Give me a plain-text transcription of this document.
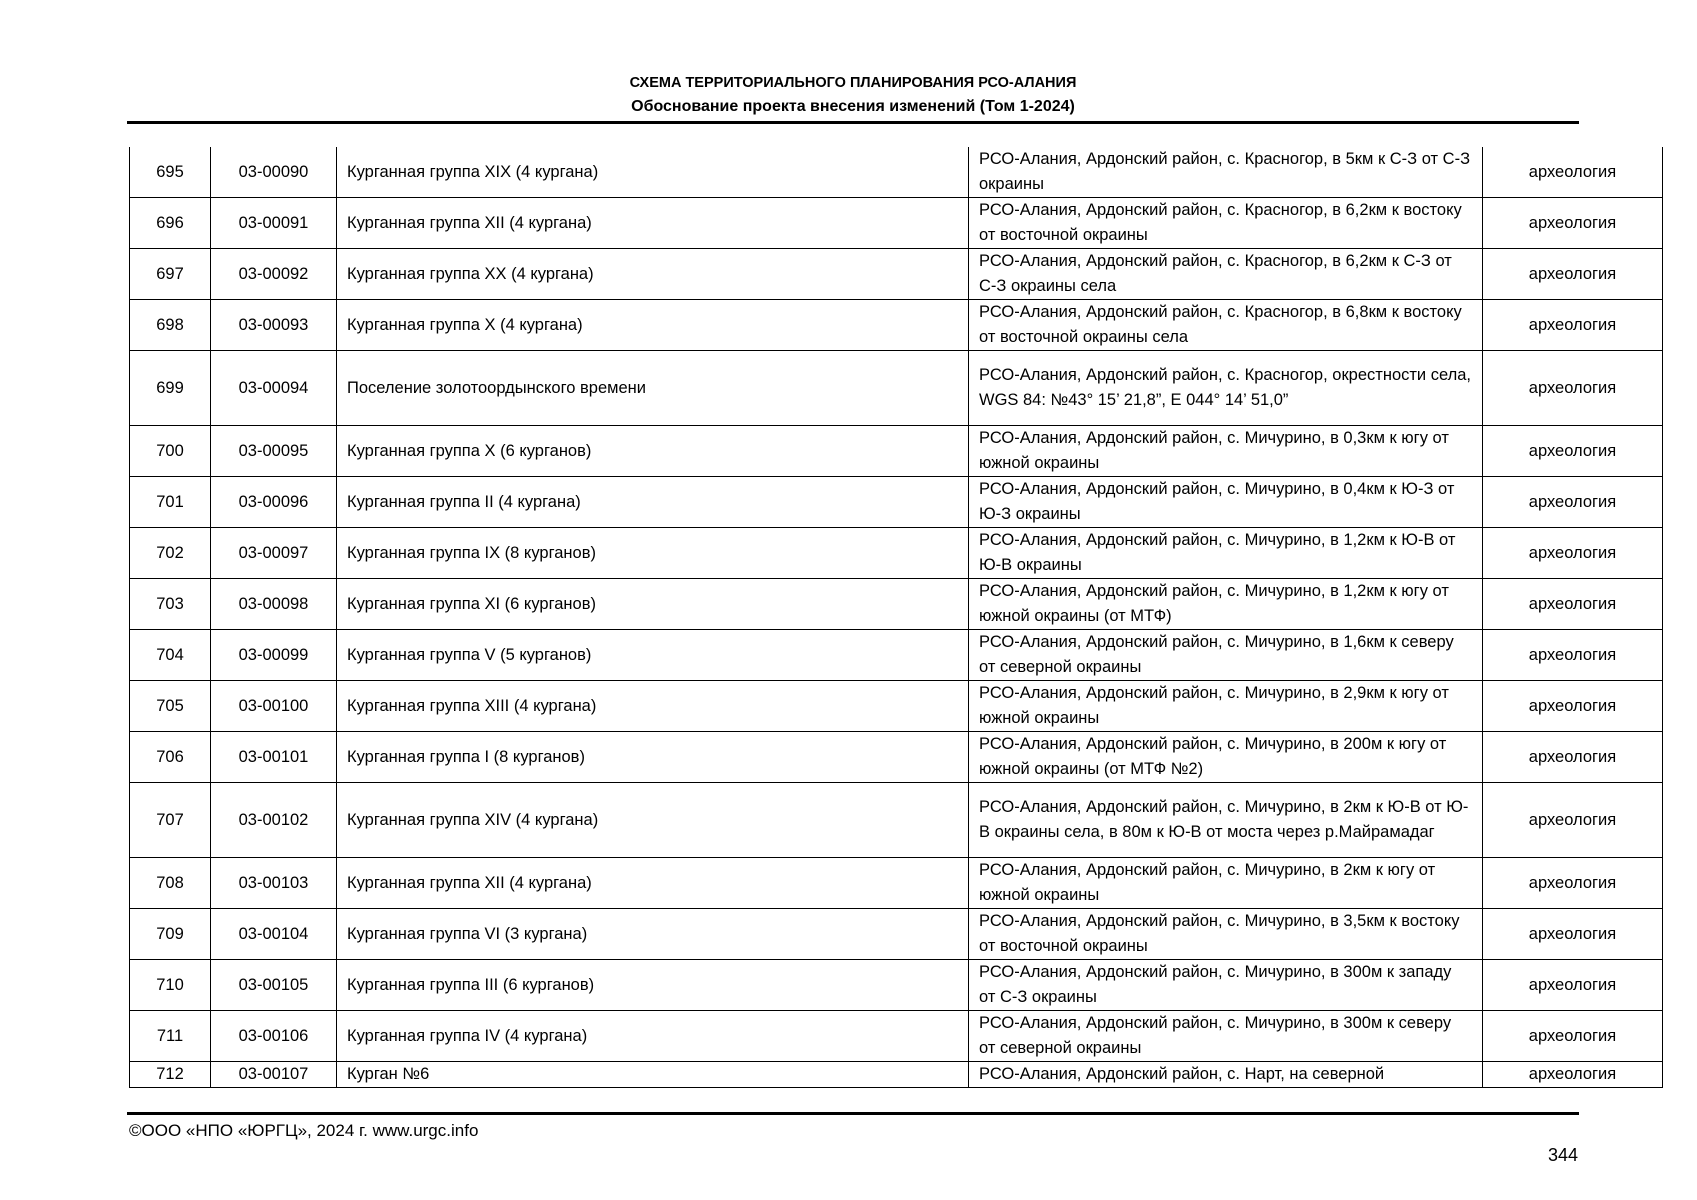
СХЕМА ТЕРРИТОРИАЛЬНОГО ПЛАНИРОВАНИЯ РСО-АЛАНИЯ
Обоснование проекта внесения изменений (Том 1-2024)
695	03-00090	Курганная группа XIX (4 кургана)	РСО-Алания, Ардонский район, с. Красногор, в 5км к С-З от С-З окраины	археология
696	03-00091	Курганная группа XII (4 кургана)	РСО-Алания, Ардонский район, с. Красногор, в 6,2км к востоку от восточной окраины	археология
697	03-00092	Курганная группа XX (4 кургана)	РСО-Алания, Ардонский район, с. Красногор, в 6,2км к С-З от С-З окраины села	археология
698	03-00093	Курганная группа X (4 кургана)	РСО-Алания, Ардонский район, с. Красногор, в 6,8км к востоку от восточной окраины села	археология
699	03-00094	Поселение золотоордынского времени	РСО-Алания, Ардонский район, с. Красногор, окрестности села, WGS 84: №43° 15’ 21,8”, E 044° 14’ 51,0”	археология
700	03-00095	Курганная группа X (6 курганов)	РСО-Алания, Ардонский район, с. Мичурино, в 0,3км к югу от южной окраины	археология
701	03-00096	Курганная группа II (4 кургана)	РСО-Алания, Ардонский район, с. Мичурино, в 0,4км к Ю-З от Ю-З окраины	археология
702	03-00097	Курганная группа IX (8 курганов)	РСО-Алания, Ардонский район, с. Мичурино, в 1,2км к Ю-В от Ю-В окраины	археология
703	03-00098	Курганная группа XI (6 курганов)	РСО-Алания, Ардонский район, с. Мичурино, в 1,2км к югу от южной окраины (от МТФ)	археология
704	03-00099	Курганная группа V (5 курганов)	РСО-Алания, Ардонский район, с. Мичурино, в 1,6км к северу от северной окраины	археология
705	03-00100	Курганная группа XIII (4 кургана)	РСО-Алания, Ардонский район, с. Мичурино, в 2,9км к югу от южной окраины	археология
706	03-00101	Курганная группа I (8 курганов)	РСО-Алания, Ардонский район, с. Мичурино, в 200м к югу от южной окраины (от МТФ №2)	археология
707	03-00102	Курганная группа XIV (4 кургана)	РСО-Алания, Ардонский район, с. Мичурино, в 2км к Ю-В от Ю-В окраины села, в 80м к Ю-В от моста через р.Майрамадаг	археология
708	03-00103	Курганная группа XII (4 кургана)	РСО-Алания, Ардонский район, с. Мичурино, в 2км к югу от южной окраины	археология
709	03-00104	Курганная группа VI (3 кургана)	РСО-Алания, Ардонский район, с. Мичурино, в 3,5км к востоку от восточной окраины	археология
710	03-00105	Курганная группа III (6 курганов)	РСО-Алания, Ардонский район, с. Мичурино, в 300м к западу от С-З окраины	археология
711	03-00106	Курганная группа IV (4 кургана)	РСО-Алания, Ардонский район, с. Мичурино, в 300м к северу от северной окраины	археология
712	03-00107	Курган №6	РСО-Алания, Ардонский район, с. Нарт, на северной	археология
©ООО «НПО «ЮРГЦ», 2024 г. www.urgc.info
344
